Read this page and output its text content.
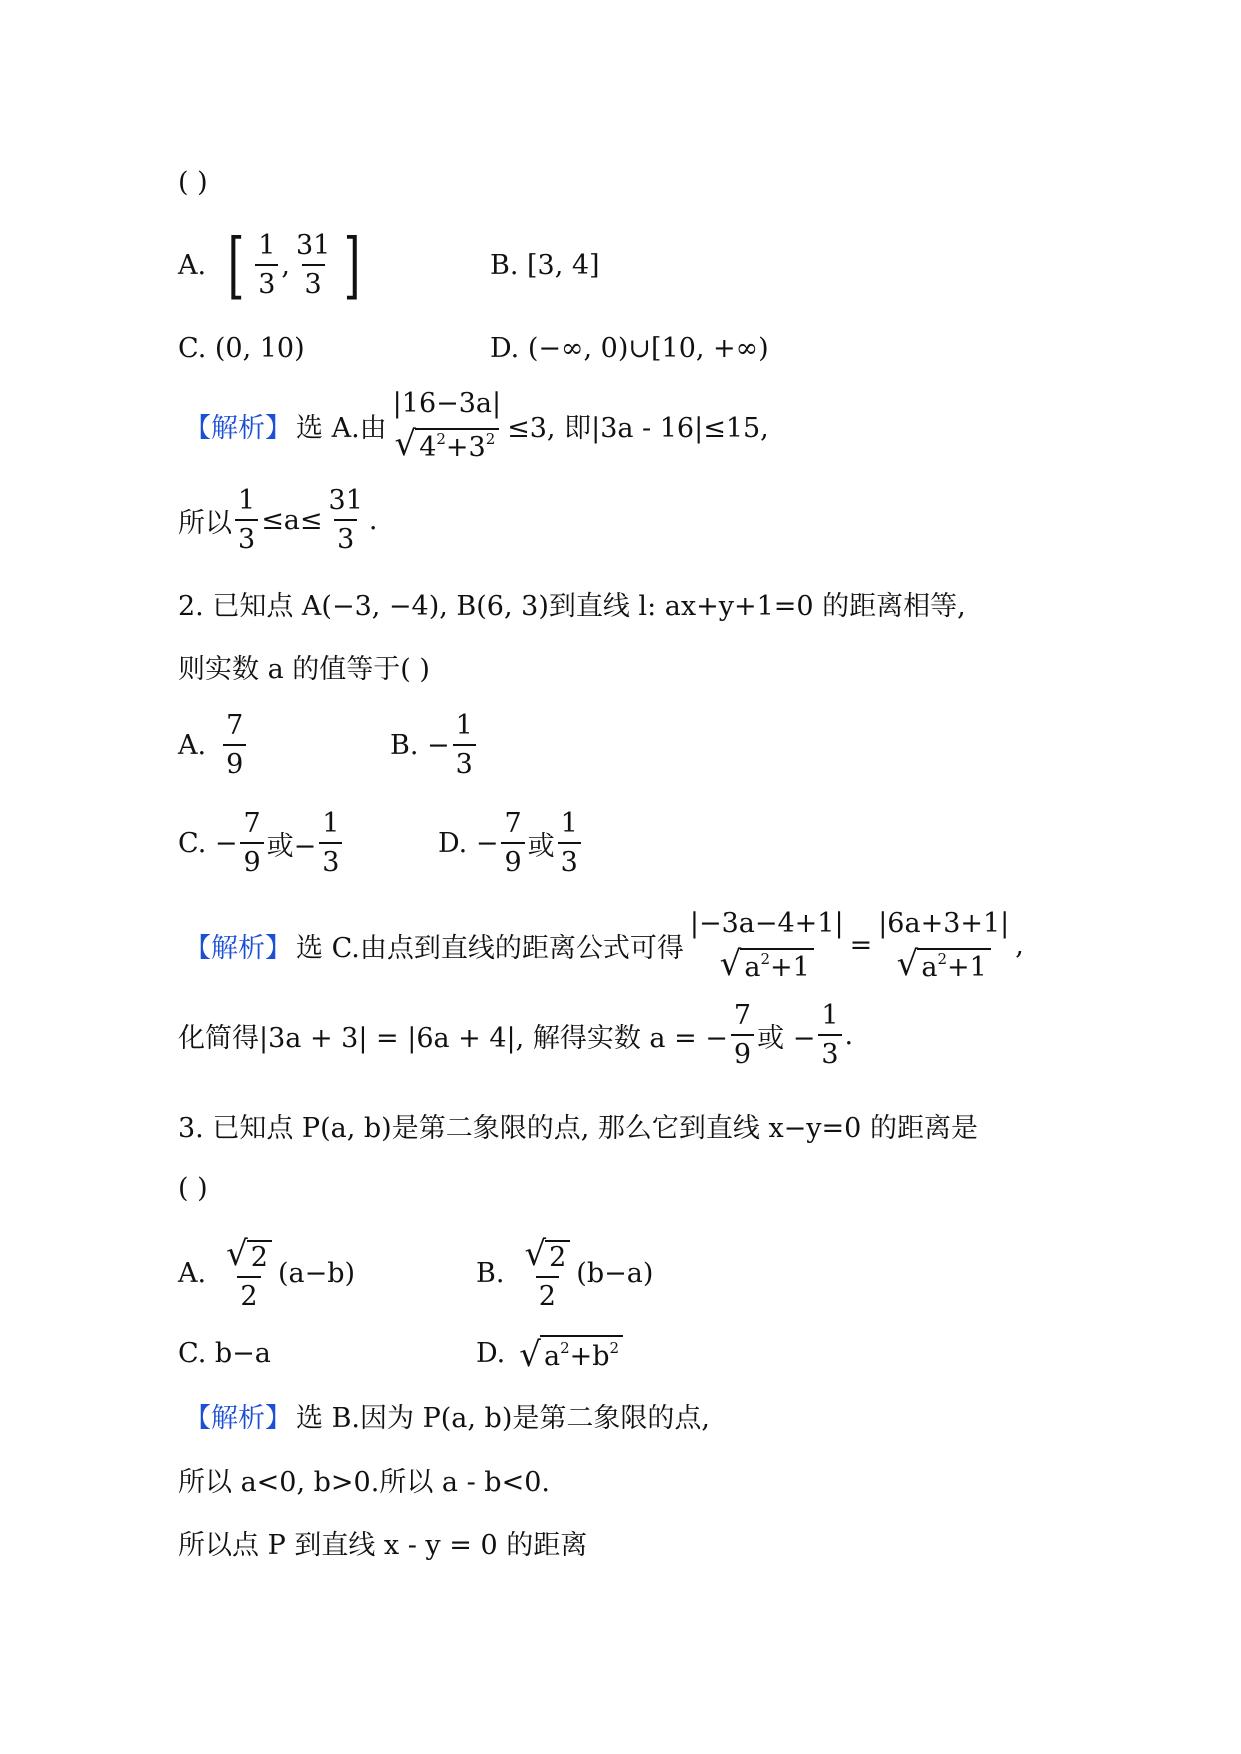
( )
A. [ $\frac{1}{3}$ , $\frac{31}{3}$ ]	B. [3, 4]
C. (0, 10)	D. (−∞, 0)∪[10, +∞)
【解析】 选 A.由
|16−3a|
√ $4^2+3^2 \le 3$, 即|3a - 16|≤15,
所以 $\frac{1}{3} \le a\le \frac{31}{3}$ .
2. 已知点 A(−3, −4), B(6, 3)到直线 l: ax+y+1=0 的距离相等,
则实数 a 的值等于( )
A. $\frac{7}{9}$	B. − $\frac{1}{3}$
C. − $\frac{7}{9}$ 或− $\frac{1}{3}$	D. − $\frac{7}{9}$ 或 $\frac{1}{3}$
【解析】 选 C.由点到直线的距离公式可得
|−3a−4+1|
√ $a^2+1$
=
|6a+3+1|
√ $a^2+1$
,
化简得|3a + 3| = |6a + 4|, 解得实数 a = − $\frac{7}{9}$ 或 − $\frac{1}{3}$ .
3. 已知点 P(a, b)是第二象限的点, 那么它到直线 x−y=0 的距离是
( )
A. $\frac{√ 2}{2} (a-b)$	B. $\frac{√ 2}{2} (b-a)$
C. b−a	D. √ $a^2+b^2$
【解析】 选 B.因为 P(a, b)是第二象限的点,
所以 a<0, b>0.所以 a - b<0.
所以点 P 到直线 x - y = 0 的距离
